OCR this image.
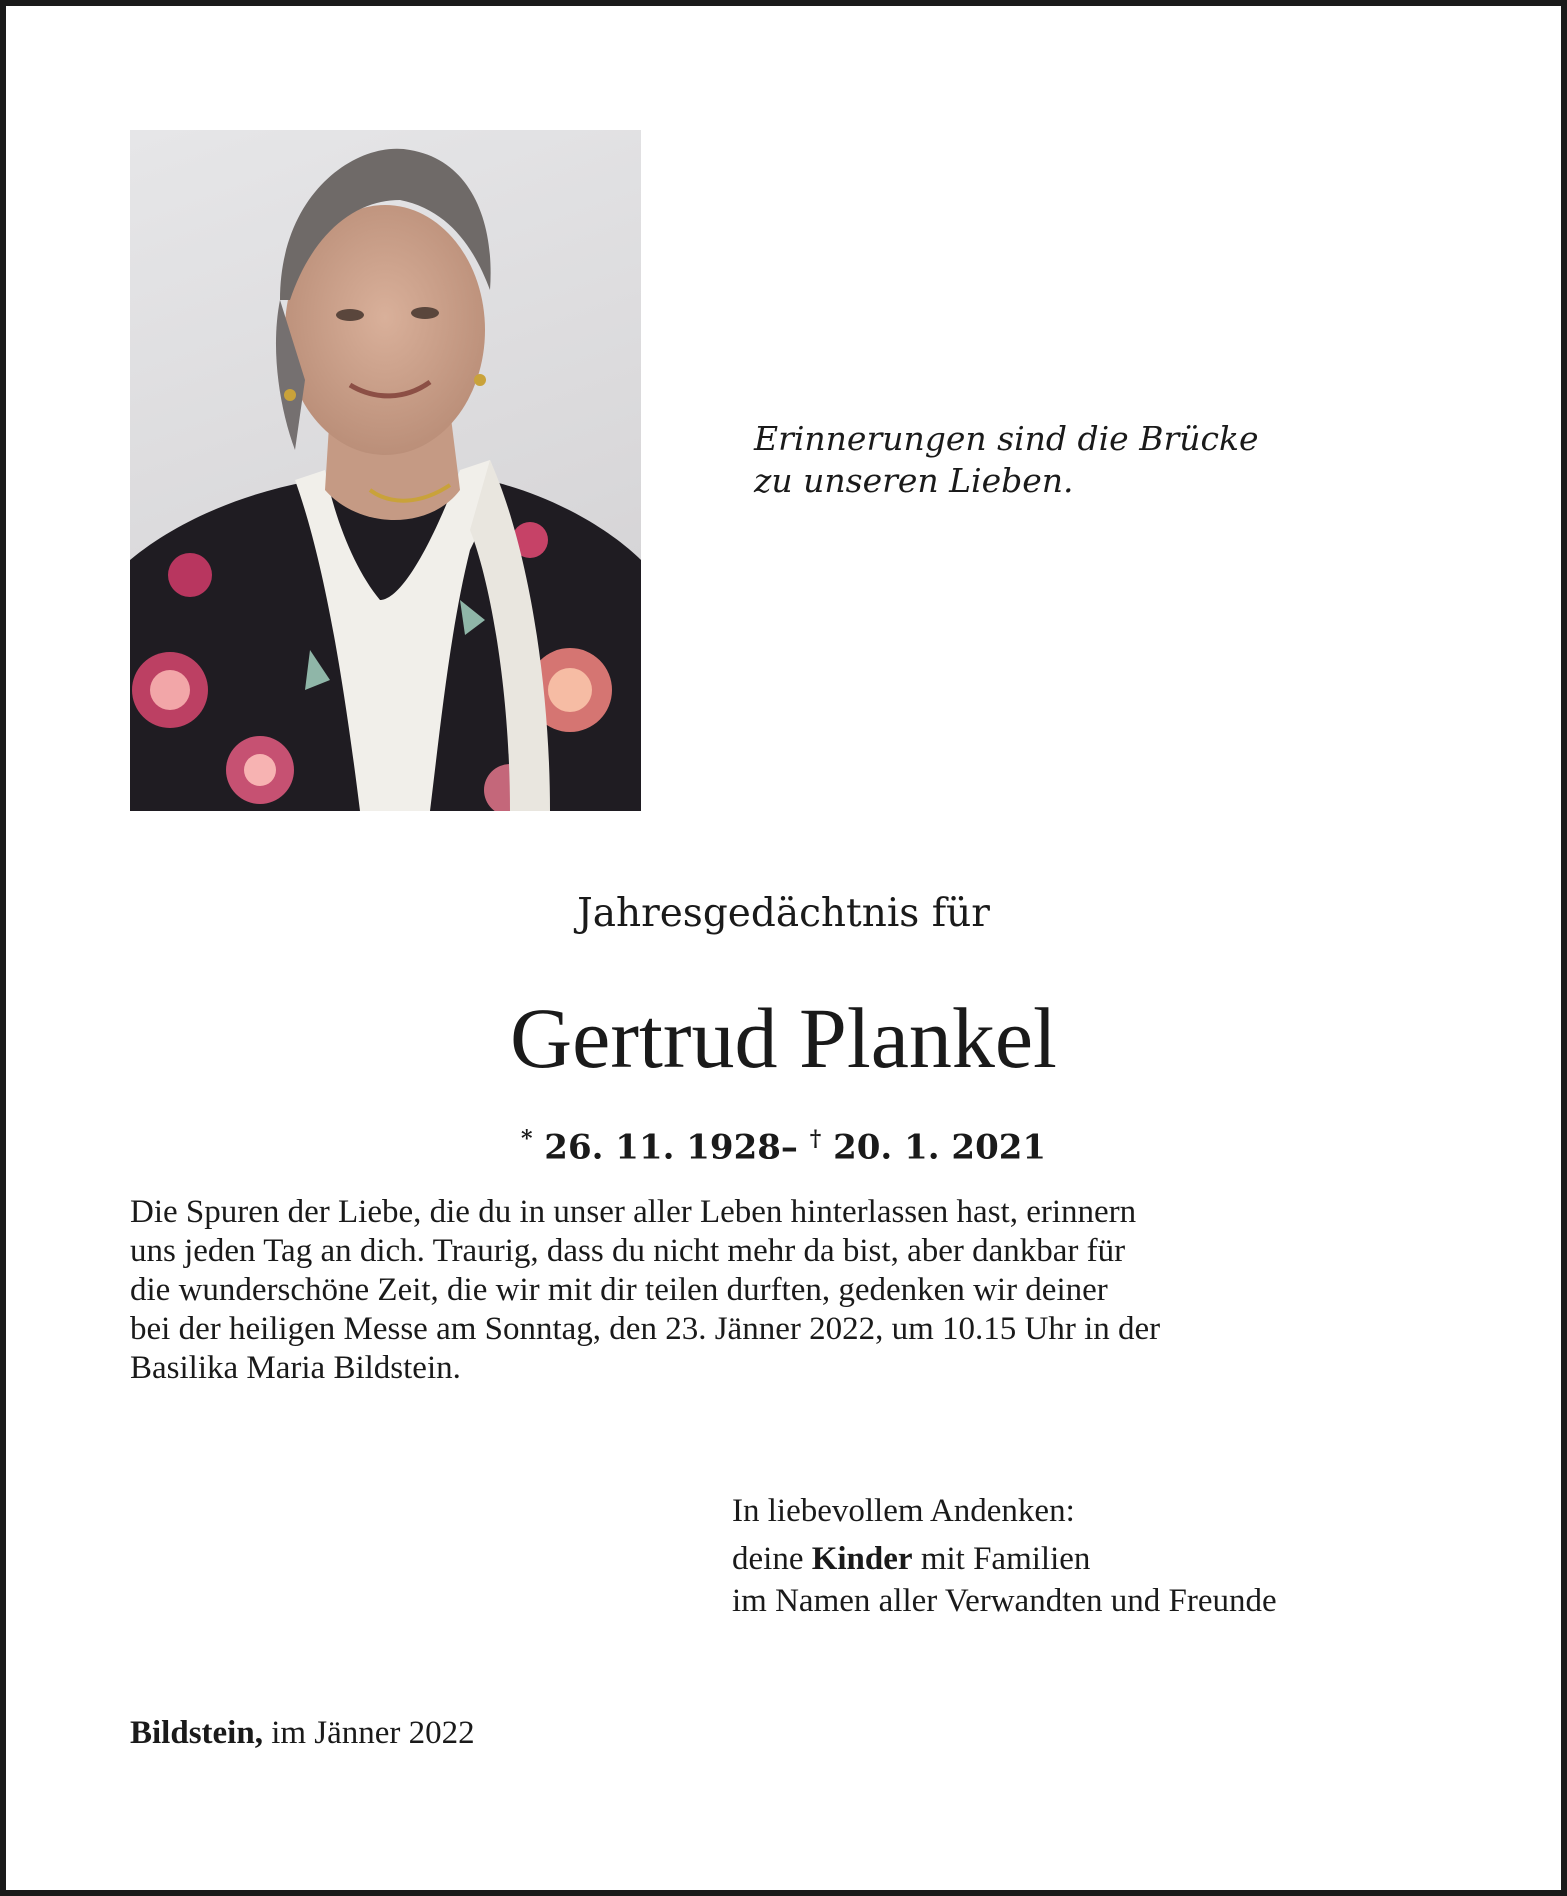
Erinnerungen sind die Brücke
zu unseren Lieben.
Jahresgedächtnis für
Gertrud Plankel
* 26. 11. 1928– † 20. 1. 2021
Die Spuren der Liebe, die du in unser aller Leben hinterlassen hast, erinnern
uns jeden Tag an dich. Traurig, dass du nicht mehr da bist, aber dankbar für
die wunderschöne Zeit, die wir mit dir teilen durften, gedenken wir deiner
bei der heiligen Messe am Sonntag, den 23. Jänner 2022, um 10.15 Uhr in der
Basilika Maria Bildstein.
In liebevollem Andenken:
deine Kinder mit Familien
im Namen aller Verwandten und Freunde
Bildstein, im Jänner 2022
